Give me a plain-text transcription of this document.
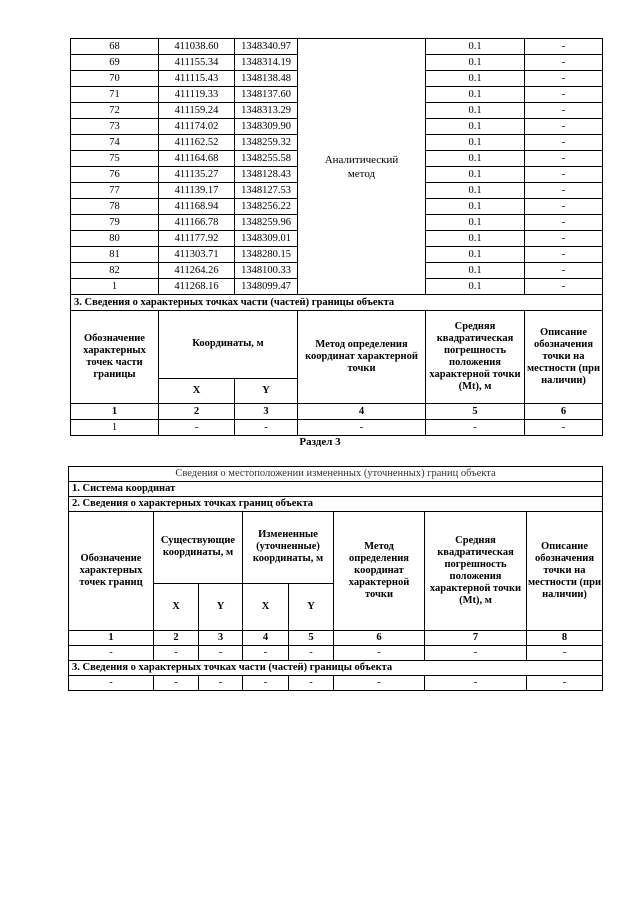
68	411038.60	1348340.97	Аналитический метод	0.1	-
69	411155.34	1348314.19		0.1	-
70	411115.43	1348138.48		0.1	-
71	411119.33	1348137.60		0.1	-
72	411159.24	1348313.29		0.1	-
73	411174.02	1348309.90		0.1	-
74	411162.52	1348259.32		0.1	-
75	411164.68	1348255.58		0.1	-
76	411135.27	1348128.43		0.1	-
77	411139.17	1348127.53		0.1	-
78	411168.94	1348256.22		0.1	-
79	411166.78	1348259.96		0.1	-
80	411177.92	1348309.01		0.1	-
81	411303.71	1348280.15		0.1	-
82	411264.26	1348100.33		0.1	-
1	411268.16	1348099.47		0.1	-
3. Сведения о характерных точках части (частей) границы объекта					
Обозначение характерных точек части границы	Координаты, м		Метод определения координат характерной точки	Средняя квадратическая погрешность положения характерной точки (Mt), м	Описание обозначения точки на местности (при наличии)
	X	Y			
1	2	3	4	5	6
1	-	-	-	-	-
Раздел 3
Сведения о местоположении измененных (уточненных) границ объекта							
1. Система координат							
2. Сведения о характерных точках границ объекта							
Обозначение характерных точек границ	Существующие координаты, м		Измененные (уточненные) координаты, м		Метод определения координат характерной точки	Средняя квадратическая погрешность положения характерной точки (Mt), м	Описание обозначения точки на местности (при наличии)
	X	Y	X	Y			
1	2	3	4	5	6	7	8
-	-	-	-	-	-	-	-
3. Сведения о характерных точках части (частей) границы объекта							
-	-	-	-	-	-	-	-
